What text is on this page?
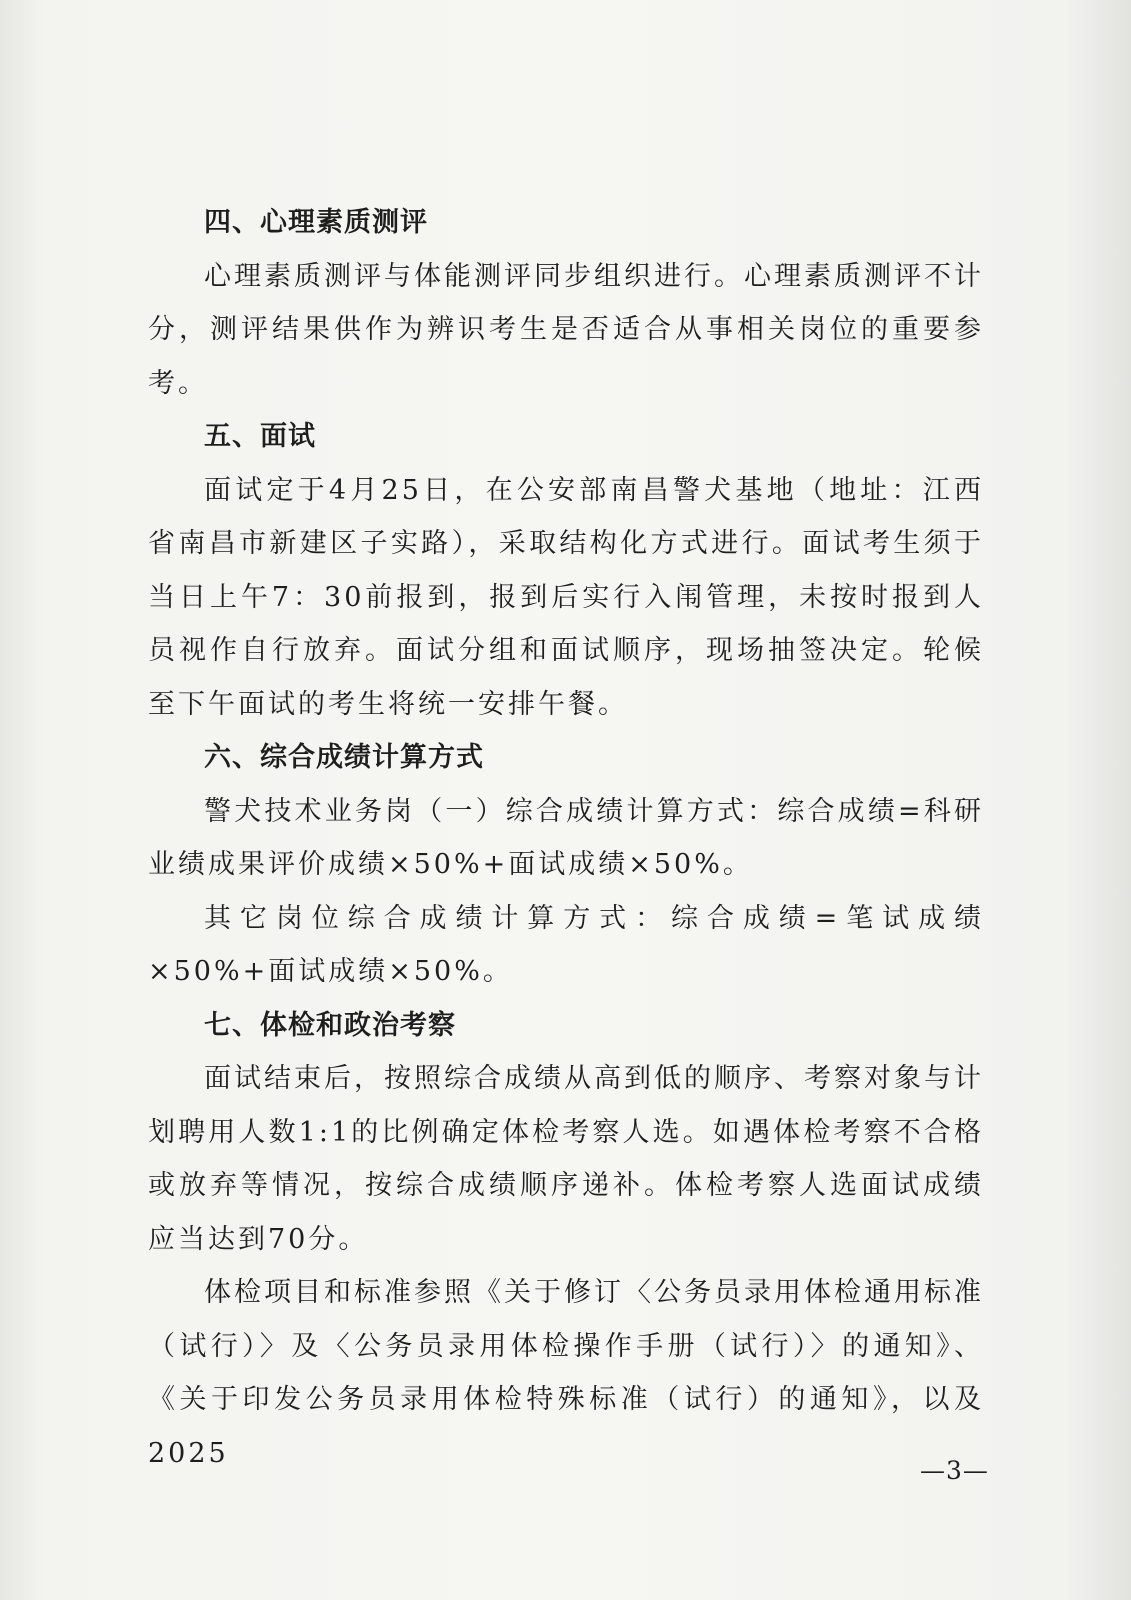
四、心理素质测评

心理素质测评与体能测评同步组织进行。心理素质测评不计分，测评结果供作为辨识考生是否适合从事相关岗位的重要参考。

五、面试

面试定于4月25日，在公安部南昌警犬基地（地址：江西省南昌市新建区子实路），采取结构化方式进行。面试考生须于当日上午7：30前报到，报到后实行入闱管理，未按时报到人员视作自行放弃。面试分组和面试顺序，现场抽签决定。轮候至下午面试的考生将统一安排午餐。

六、综合成绩计算方式

警犬技术业务岗（一）综合成绩计算方式：综合成绩=科研业绩成果评价成绩×50%+面试成绩×50%。

其它岗位综合成绩计算方式：综合成绩=笔试成绩×50%+面试成绩×50%。

七、体检和政治考察

面试结束后，按照综合成绩从高到低的顺序、考察对象与计划聘用人数1:1的比例确定体检考察人选。如遇体检考察不合格或放弃等情况，按综合成绩顺序递补。体检考察人选面试成绩应当达到70分。

体检项目和标准参照《关于修订〈公务员录用体检通用标准（试行）〉及〈公务员录用体检操作手册（试行）〉的通知》、《关于印发公务员录用体检特殊标准（试行）的通知》，以及2025

—3—
